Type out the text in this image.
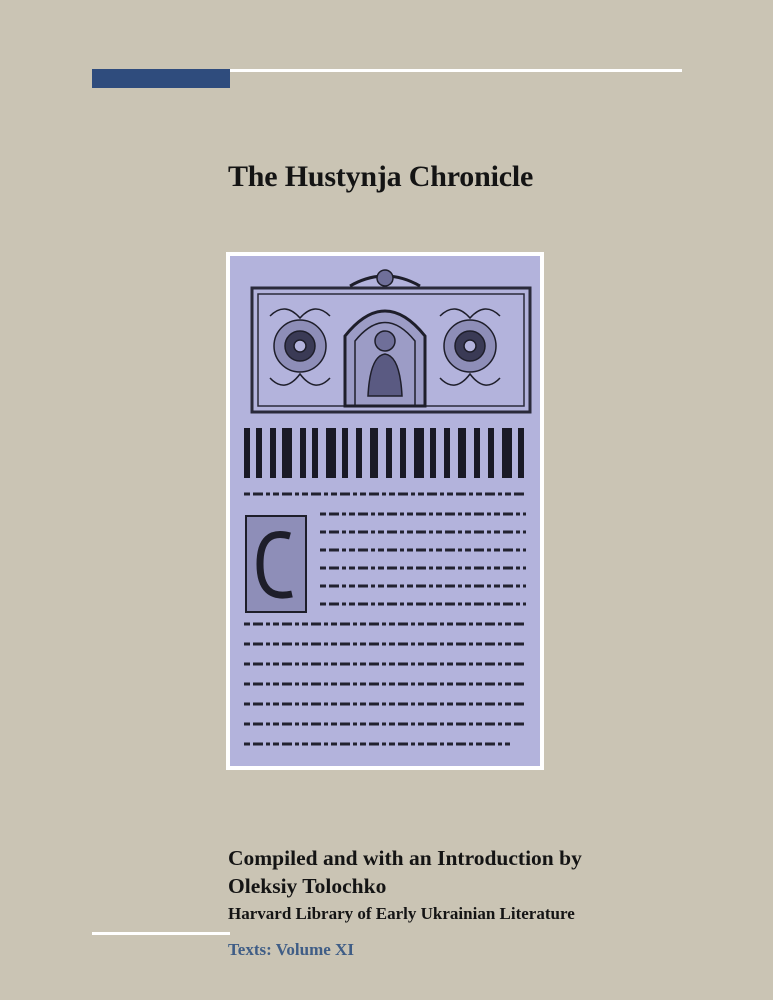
The Hustynja Chronicle
Compiled and with an Introduction by
Oleksiy Tolochko
Harvard Library of Early Ukrainian Literature
Texts: Volume XI
